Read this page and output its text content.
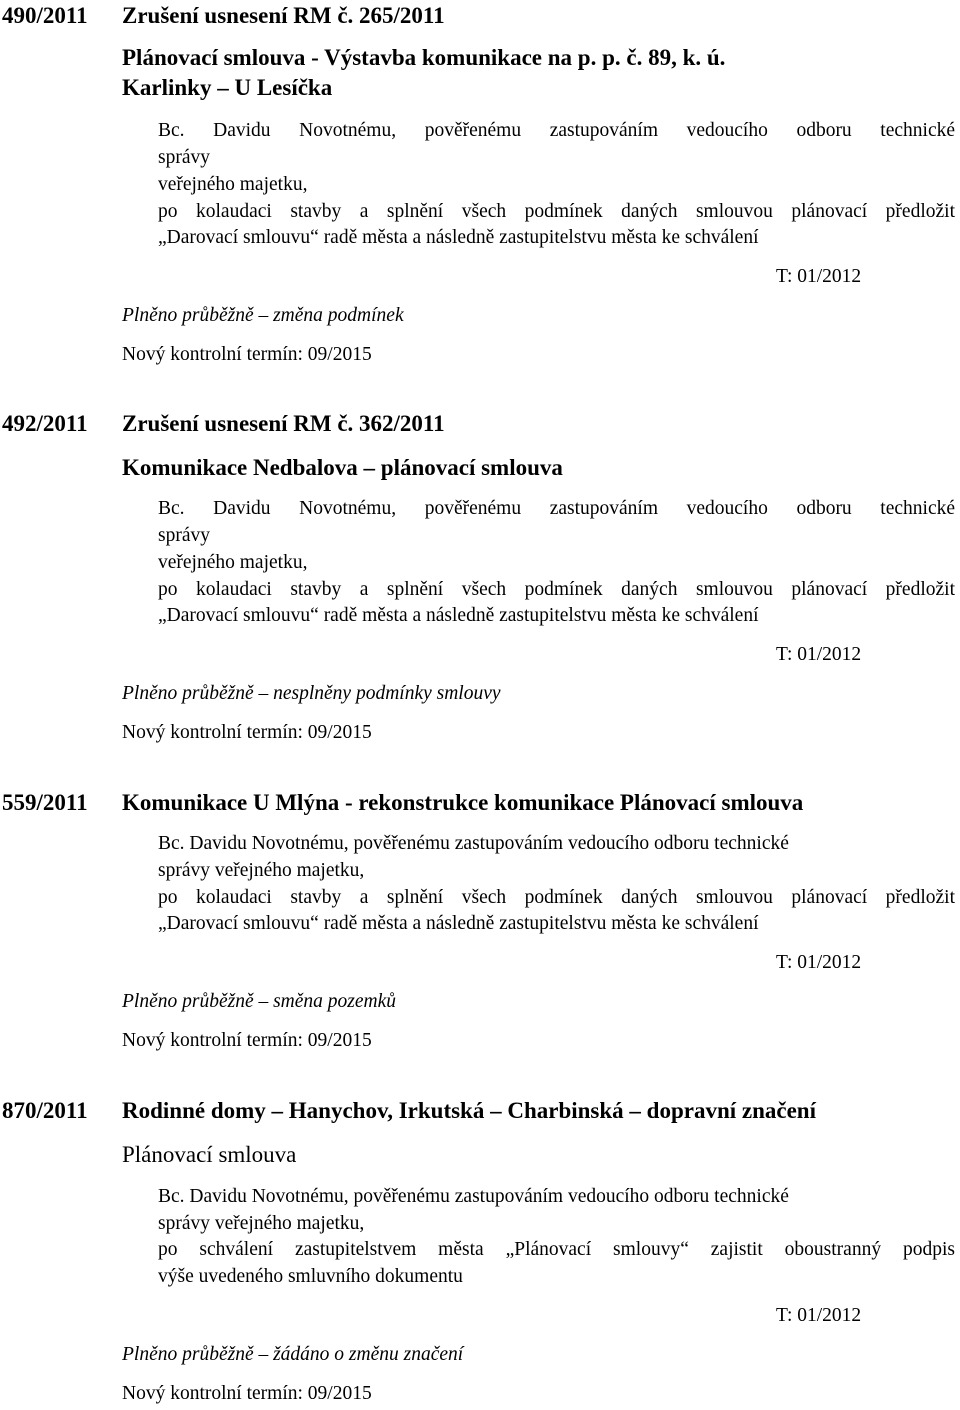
490/2011 Zrušení usnesení RM č. 265/2011
Plánovací smlouva - Výstavba komunikace na p. p. č. 89, k. ú.
Karlinky – U Lesíčka
Bc. Davidu Novotnému, pověřenému zastupováním vedoucího odboru technické
správy
veřejného majetku,
po kolaudaci stavby a splnění všech podmínek daných smlouvou plánovací předložit
„Darovací smlouvu“ radě města a následně zastupitelstvu města ke schválení
T: 01/2012
Plněno průběžně – změna podmínek
Nový kontrolní termín: 09/2015
492/2011 Zrušení usnesení RM č. 362/2011
Komunikace Nedbalova – plánovací smlouva
Bc. Davidu Novotnému, pověřenému zastupováním vedoucího odboru technické
správy
veřejného majetku,
po kolaudaci stavby a splnění všech podmínek daných smlouvou plánovací předložit
„Darovací smlouvu“ radě města a následně zastupitelstvu města ke schválení
T: 01/2012
Plněno průběžně – nesplněny podmínky smlouvy
Nový kontrolní termín: 09/2015
559/2011 Komunikace U Mlýna - rekonstrukce komunikace Plánovací smlouva
Bc. Davidu Novotnému, pověřenému zastupováním vedoucího odboru technické
správy veřejného majetku,
po kolaudaci stavby a splnění všech podmínek daných smlouvou plánovací předložit
„Darovací smlouvu“ radě města a následně zastupitelstvu města ke schválení
T: 01/2012
Plněno průběžně – směna pozemků
Nový kontrolní termín: 09/2015
870/2011 Rodinné domy – Hanychov, Irkutská – Charbinská – dopravní značení
Plánovací smlouva
Bc. Davidu Novotnému, pověřenému zastupováním vedoucího odboru technické
správy veřejného majetku,
po schválení zastupitelstvem města „Plánovací smlouvy“ zajistit oboustranný podpis
výše uvedeného smluvního dokumentu
T: 01/2012
Plněno průběžně – žádáno o změnu značení
Nový kontrolní termín: 09/2015
